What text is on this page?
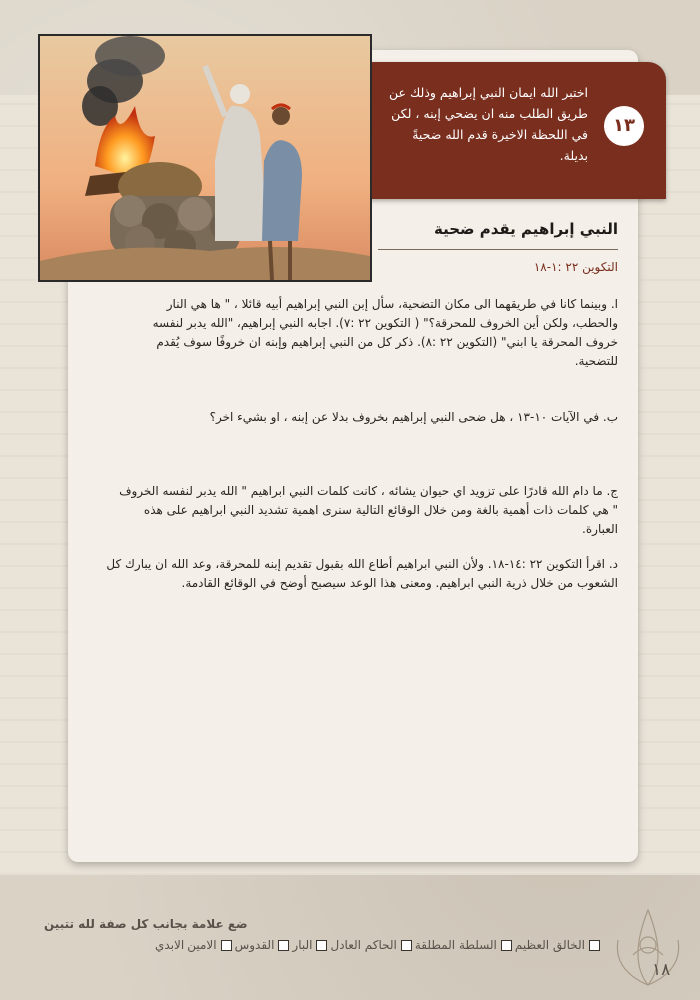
١٣
اختبر الله ايمان النبي إبراهيم وذلك عن طريق الطلب منه ان يضحي إبنه ، لكن في اللحظة الاخيرة قدم الله ضحيةً بديلة.
النبي إبراهيم يقدم ضحية
التكوين ٢٢ :١-١٨
ا. وبينما كانا في طريقهما الى مكان التضحية، سأل إبن النبي إبراهيم أبيه قائلا ، " ها هي النار والحطب، ولكن أين الخروف للمحرقة؟" ( التكوين ٢٢ :٧). اجابه النبي إبراهيم، "الله يدبر لنفسه خروف المحرقة يا ابني" (التكوين ٢٢ :٨). ذكر كل من النبي إبراهيم وإبنه ان خروفًا سوف يُقدم للتضحية.
ب. في الآيات ١٠-١٣ ، هل ضحى النبي إبراهيم بخروف بدلا عن إبنه ، او بشيء اخر؟
ج. ما دام الله قادرًا على تزويد اي حيوان يشائه ، كانت كلمات النبي ابراهيم " الله يدبر لنفسه الخروف " هي كلمات ذات أهمية بالغة ومن خلال الوقائع التالية سنرى اهمية تشديد النبي ابراهيم على هذه العبارة.
د. اقرأ التكوين ٢٢ :١٤-١٨. ولأن النبي ابراهيم أطاع الله بقبول تقديم إبنه للمحرقة، وعد الله ان يبارك كل الشعوب من خلال ذرية النبي ابراهيم. ومعنى هذا الوعد سيصبح أوضح في الوقائع القادمة.
ضع علامة بجانب كل صفة لله تتبين
الخالق العظيم
السلطة المطلقة
الحاكم العادل
البار
القدوس
الامين
الابدي
١٨
